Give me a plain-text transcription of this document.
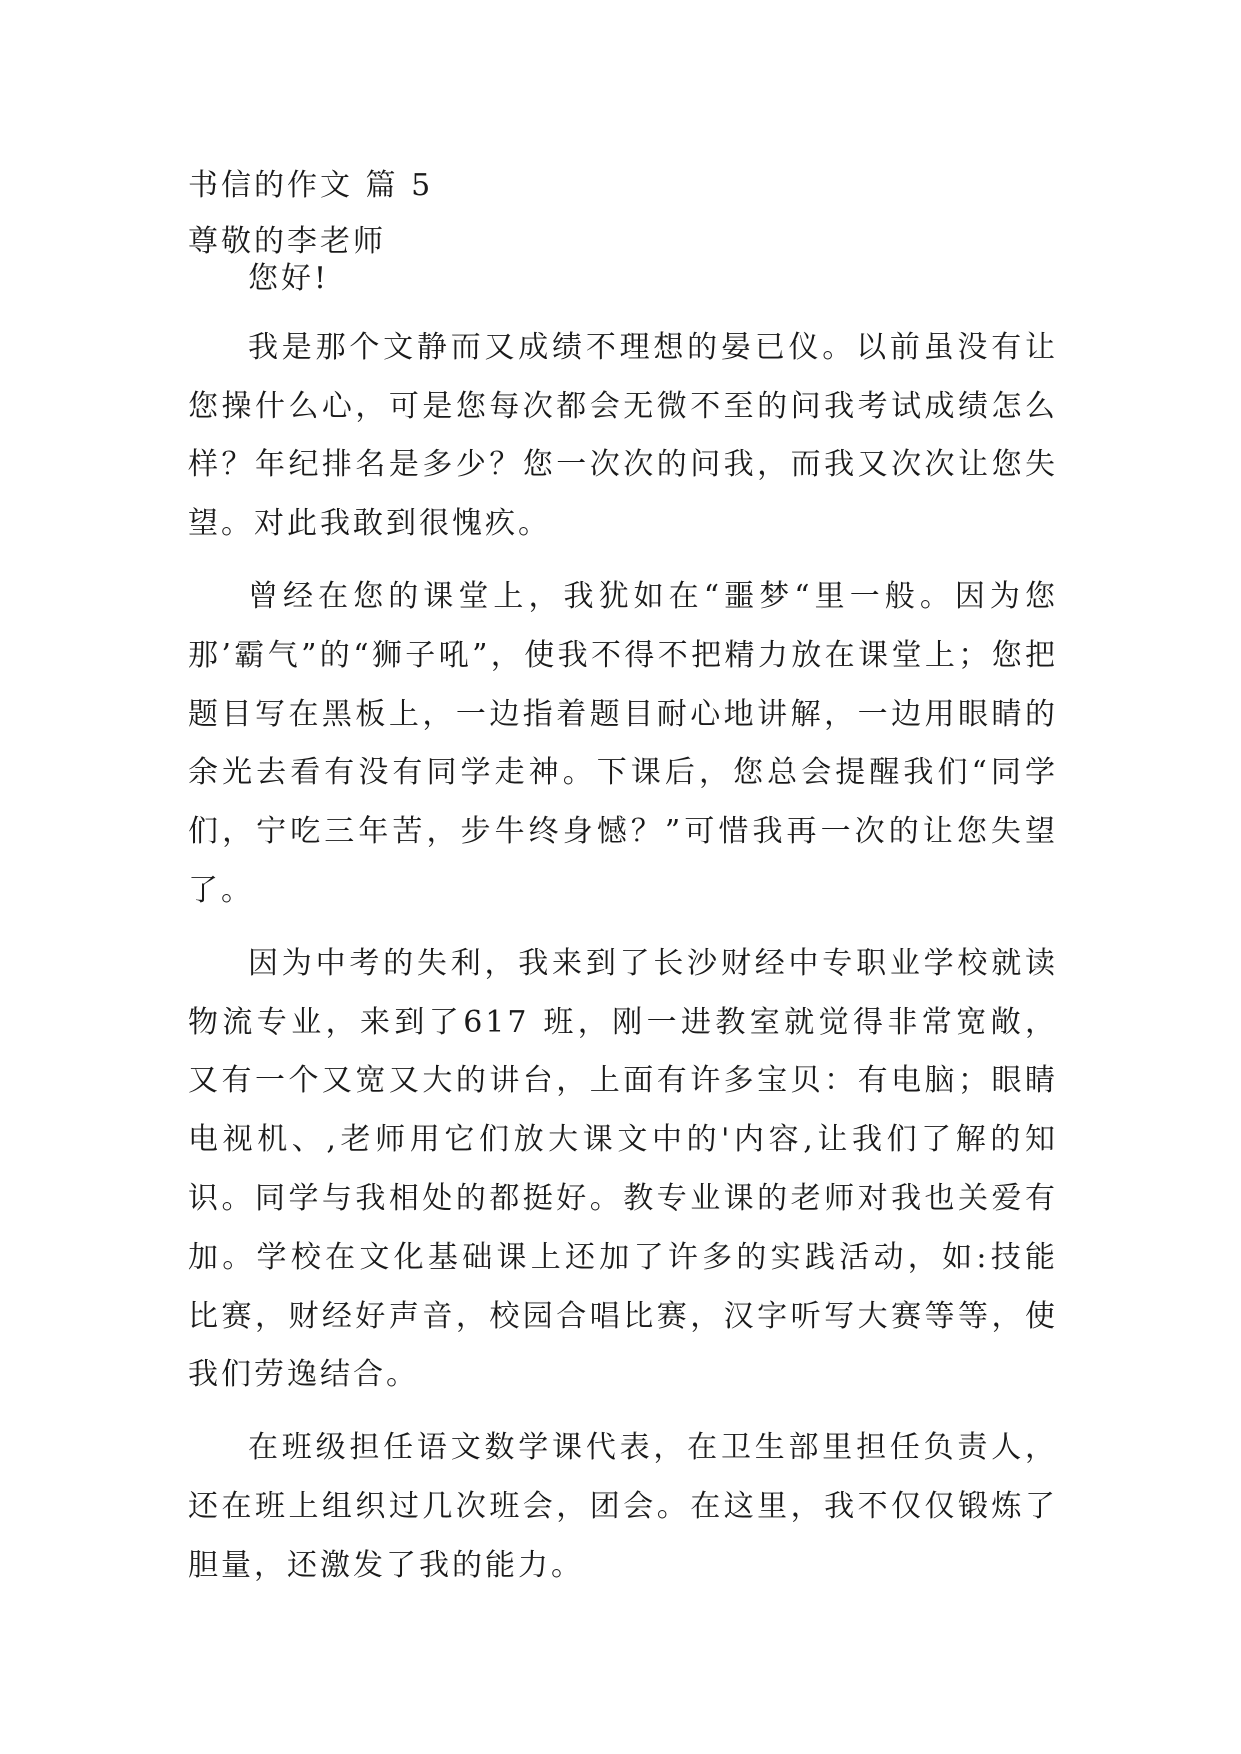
书信的作文 篇 5
尊敬的李老师

您好!

我是那个文静而又成绩不理想的晏已仪。以前虽没有让您操什么心，可是您每次都会无微不至的问我考试成绩怎么样？年纪排名是多少？您一次次的问我，而我又次次让您失望。对此我敢到很愧疚。

曾经在您的课堂上，我犹如在“噩梦“里一般。因为您那’霸气”的“狮子吼”，使我不得不把精力放在课堂上；您把题目写在黑板上，一边指着题目耐心地讲解，一边用眼睛的余光去看有没有同学走神。下课后，您总会提醒我们“同学们，宁吃三年苦，步牛终身憾？”可惜我再一次的让您失望了。

因为中考的失利，我来到了长沙财经中专职业学校就读物流专业，来到了617 班，刚一进教室就觉得非常宽敞，又有一个又宽又大的讲台，上面有许多宝贝：有电脑；眼睛电视机、,老师用它们放大课文中的'内容,让我们了解的知识。同学与我相处的都挺好。教专业课的老师对我也关爱有加。学校在文化基础课上还加了许多的实践活动，如:技能比赛，财经好声音，校园合唱比赛，汉字听写大赛等等，使我们劳逸结合。

在班级担任语文数学课代表，在卫生部里担任负责人，还在班上组织过几次班会，团会。在这里，我不仅仅锻炼了胆量，还激发了我的能力。
